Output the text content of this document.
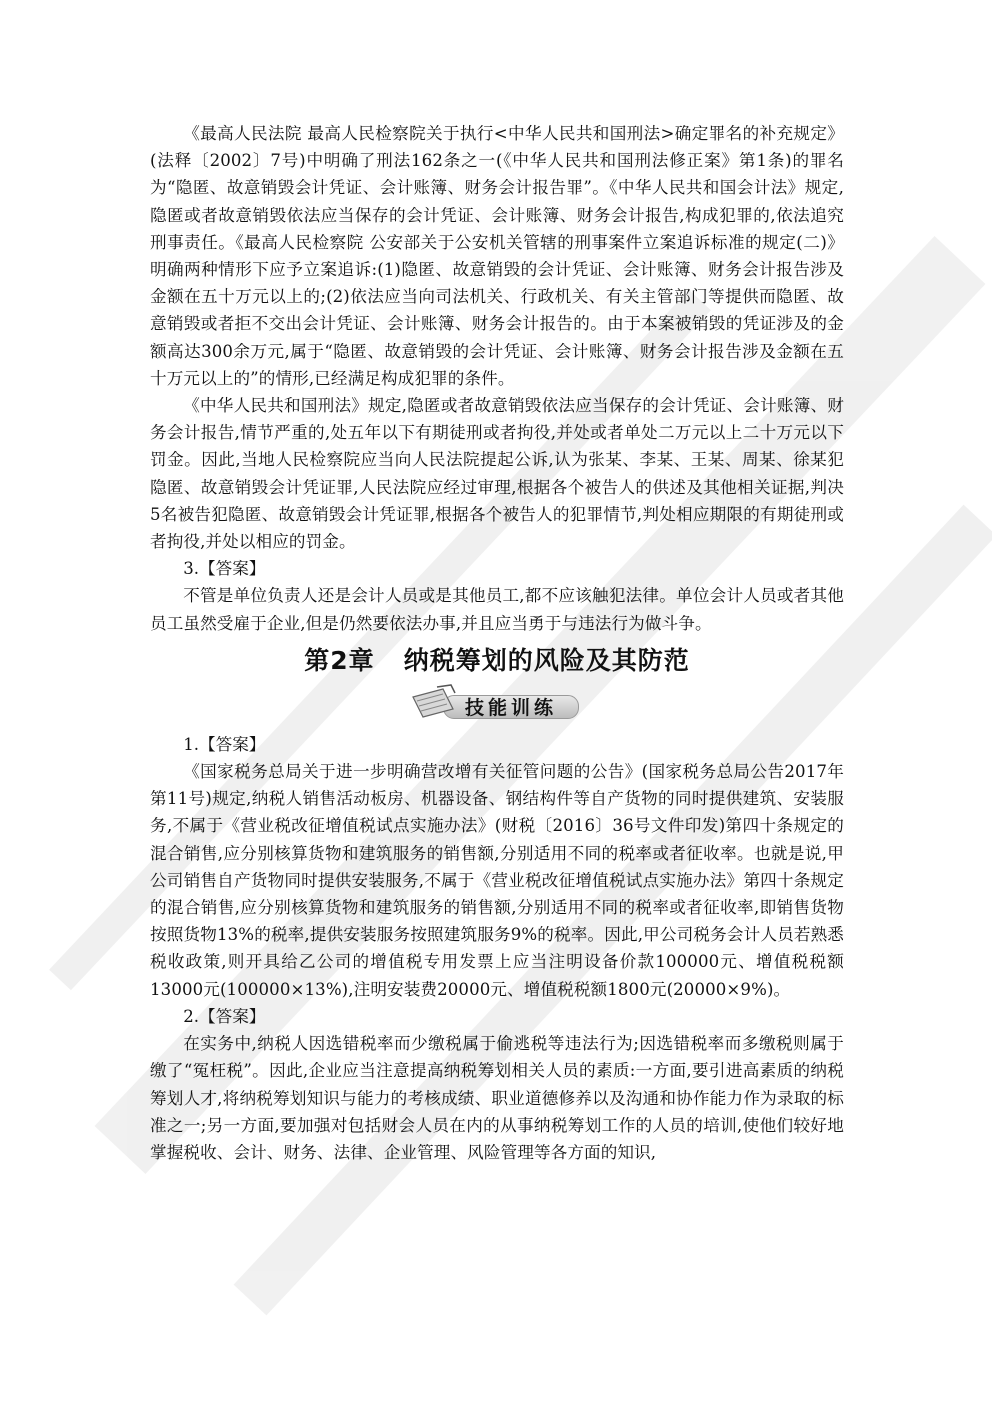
《最高人民法院 最高人民检察院关于执行<中华人民共和国刑法>确定罪名的补充规定》(法释〔2002〕7号)中明确了刑法162条之一(《中华人民共和国刑法修正案》第1条)的罪名为“隐匿、故意销毁会计凭证、会计账簿、财务会计报告罪”。《中华人民共和国会计法》规定,隐匿或者故意销毁依法应当保存的会计凭证、会计账簿、财务会计报告,构成犯罪的,依法追究刑事责任。《最高人民检察院 公安部关于公安机关管辖的刑事案件立案追诉标准的规定(二)》明确两种情形下应予立案追诉:(1)隐匿、故意销毁的会计凭证、会计账簿、财务会计报告涉及金额在五十万元以上的;(2)依法应当向司法机关、行政机关、有关主管部门等提供而隐匿、故意销毁或者拒不交出会计凭证、会计账簿、财务会计报告的。由于本案被销毁的凭证涉及的金额高达300余万元,属于“隐匿、故意销毁的会计凭证、会计账簿、财务会计报告涉及金额在五十万元以上的”的情形,已经满足构成犯罪的条件。

《中华人民共和国刑法》规定,隐匿或者故意销毁依法应当保存的会计凭证、会计账簿、财务会计报告,情节严重的,处五年以下有期徒刑或者拘役,并处或者单处二万元以上二十万元以下罚金。因此,当地人民检察院应当向人民法院提起公诉,认为张某、李某、王某、周某、徐某犯隐匿、故意销毁会计凭证罪,人民法院应经过审理,根据各个被告人的供述及其他相关证据,判决5名被告犯隐匿、故意销毁会计凭证罪,根据各个被告人的犯罪情节,判处相应期限的有期徒刑或者拘役,并处以相应的罚金。

3.【答案】

不管是单位负责人还是会计人员或是其他员工,都不应该触犯法律。单位会计人员或者其他员工虽然受雇于企业,但是仍然要依法办事,并且应当勇于与违法行为做斗争。

第2章   纳税筹划的风险及其防范
技能训练

1.【答案】

《国家税务总局关于进一步明确营改增有关征管问题的公告》(国家税务总局公告2017年第11号)规定,纳税人销售活动板房、机器设备、钢结构件等自产货物的同时提供建筑、安装服务,不属于《营业税改征增值税试点实施办法》(财税〔2016〕36号文件印发)第四十条规定的混合销售,应分别核算货物和建筑服务的销售额,分别适用不同的税率或者征收率。也就是说,甲公司销售自产货物同时提供安装服务,不属于《营业税改征增值税试点实施办法》第四十条规定的混合销售,应分别核算货物和建筑服务的销售额,分别适用不同的税率或者征收率,即销售货物按照货物13%的税率,提供安装服务按照建筑服务9%的税率。因此,甲公司税务会计人员若熟悉税收政策,则开具给乙公司的增值税专用发票上应当注明设备价款100000元、增值税税额13000元(100000×13%),注明安装费20000元、增值税税额1800元(20000×9%)。

2.【答案】

在实务中,纳税人因选错税率而少缴税属于偷逃税等违法行为;因选错税率而多缴税则属于缴了“冤枉税”。因此,企业应当注意提高纳税筹划相关人员的素质:一方面,要引进高素质的纳税筹划人才,将纳税筹划知识与能力的考核成绩、职业道德修养以及沟通和协作能力作为录取的标准之一;另一方面,要加强对包括财会人员在内的从事纳税筹划工作的人员的培训,使他们较好地掌握税收、会计、财务、法律、企业管理、风险管理等各方面的知识,
